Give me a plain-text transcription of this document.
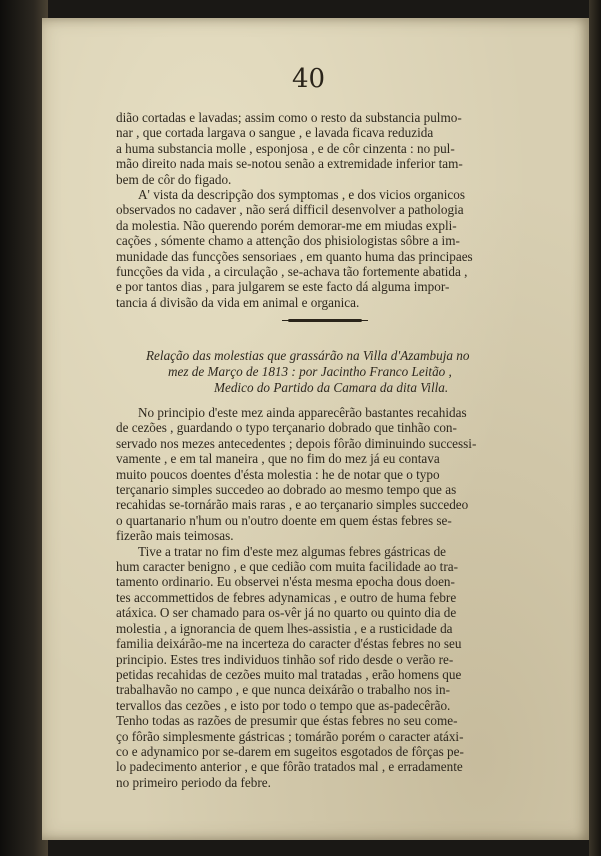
40
dião cortadas e lavadas; assim como o resto da substancia pulmo-
nar , que cortada largava o sangue , e lavada ficava reduzida
a huma substancia molle , esponjosa , e de côr cinzenta : no pul-
mão direito nada mais se-notou senão a extremidade inferior tam-
bem de côr do figado.
A' vista da descripção dos symptomas , e dos vicios organicos
observados no cadaver , não será difficil desenvolver a pathologia
da molestia. Não querendo porém demorar-me em miudas expli-
cações , sómente chamo a attenção dos phisiologistas sôbre a im-
munidade das funcções sensoriaes , em quanto huma das principaes
funcções da vida , a circulação , se-achava tão fortemente abatida ,
e por tantos dias , para julgarem se este facto dá alguma impor-
tancia á divisão da vida em animal e organica.
Relação das molestias que grassárão na Villa d'Azambuja no
mez de Março de 1813 : por Jacintho Franco Leitão ,
Medico do Partido da Camara da dita Villa.
No principio d'este mez ainda apparecêrão bastantes recahidas
de cezões , guardando o typo terçanario dobrado que tinhão con-
servado nos mezes antecedentes ; depois fôrão diminuindo successi-
vamente , e em tal maneira , que no fim do mez já eu contava
muito poucos doentes d'ésta molestia : he de notar que o typo
terçanario simples succedeo ao dobrado ao mesmo tempo que as
recahidas se-tornárão mais raras , e ao terçanario simples succedeo
o quartanario n'hum ou n'outro doente em quem éstas febres se-
fizerão mais teimosas.
Tive a tratar no fim d'este mez algumas febres gástricas de
hum caracter benigno , e que cedião com muita facilidade ao tra-
tamento ordinario. Eu observei n'ésta mesma epocha dous doen-
tes accommettidos de febres adynamicas , e outro de huma febre
atáxica. O ser chamado para os-vêr já no quarto ou quinto dia de
molestia , a ignorancia de quem lhes-assistia , e a rusticidade da
familia deixárão-me na incerteza do caracter d'éstas febres no seu
principio. Estes tres individuos tinhão sof rido desde o verão re-
petidas recahidas de cezões muito mal tratadas , erão homens que
trabalhavão no campo , e que nunca deixárão o trabalho nos in-
tervallos das cezões , e isto por todo o tempo que as-padecêrão.
Tenho todas as razões de presumir que éstas febres no seu come-
ço fôrão simplesmente gástricas ; tomárão porém o caracter atáxi-
co e adynamico por se-darem em sugeitos esgotados de fôrças pe-
lo padecimento anterior , e que fôrão tratados mal , e erradamente
no primeiro periodo da febre.
